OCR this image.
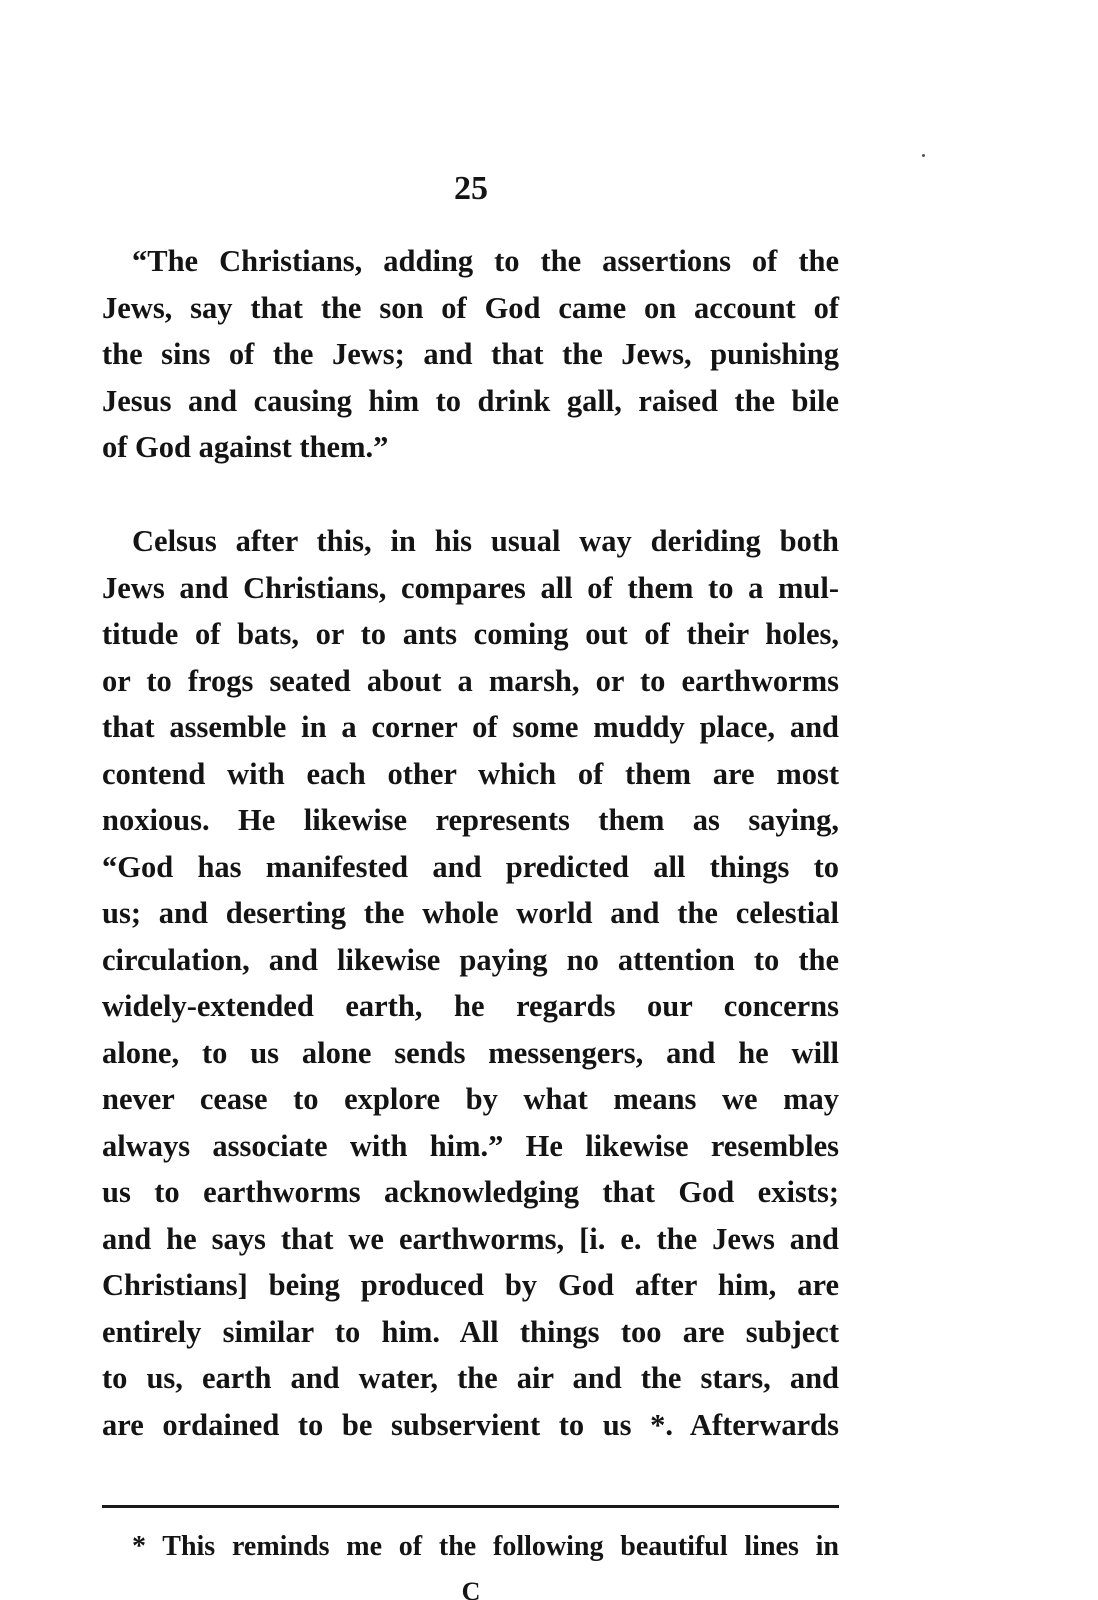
25
“The Christians, adding to the assertions of the
Jews, say that the son of God came on account of
the sins of the Jews; and that the Jews, punishing
Jesus and causing him to drink gall, raised the bile
of God against them.”
Celsus after this, in his usual way deriding both
Jews and Christians, compares all of them to a mul-
titude of bats, or to ants coming out of their holes,
or to frogs seated about a marsh, or to earthworms
that assemble in a corner of some muddy place, and
contend with each other which of them are most
noxious. He likewise represents them as saying,
“God has manifested and predicted all things to
us; and deserting the whole world and the celestial
circulation, and likewise paying no attention to the
widely-extended earth, he regards our concerns
alone, to us alone sends messengers, and he will
never cease to explore by what means we may
always associate with him.” He likewise resembles
us to earthworms acknowledging that God exists;
and he says that we earthworms, [i. e. the Jews and
Christians] being produced by God after him, are
entirely similar to him. All things too are subject
to us, earth and water, the air and the stars, and
are ordained to be subservient to us *. Afterwards
* This reminds me of the following beautiful lines in
C
